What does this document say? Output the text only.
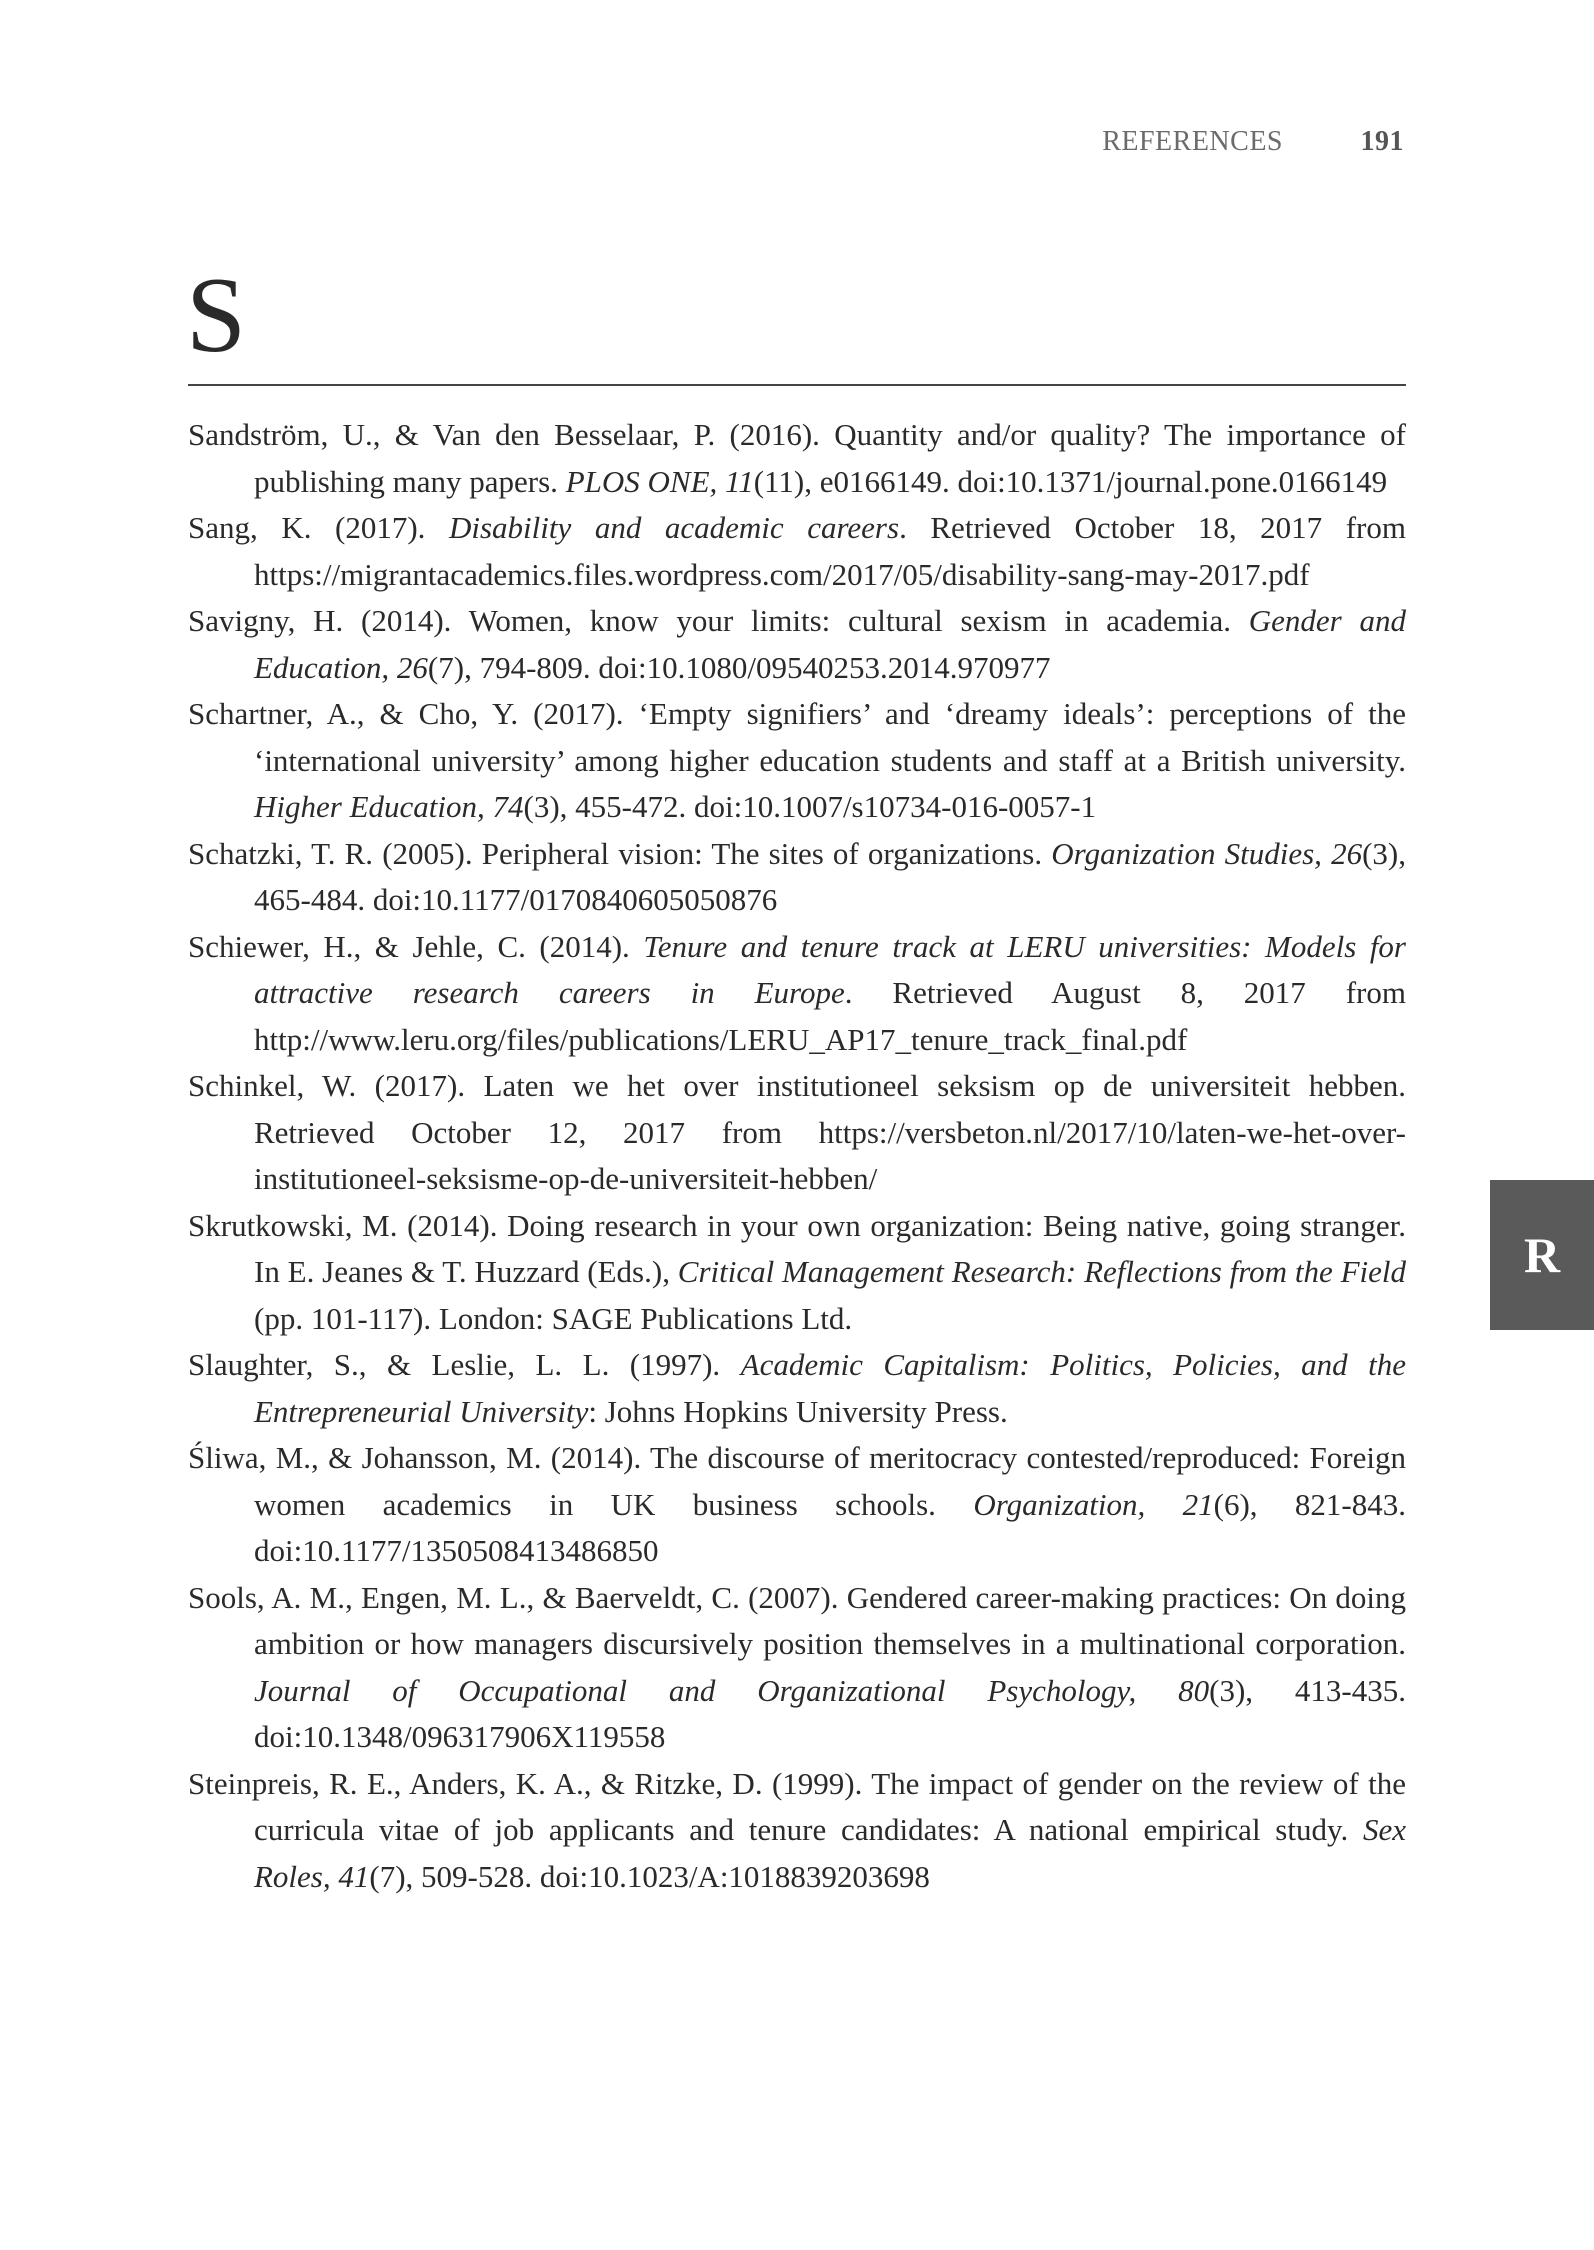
REFERENCES	191
S
Sandström, U., & Van den Besselaar, P. (2016). Quantity and/or quality? The importance of publishing many papers. PLOS ONE, 11(11), e0166149. doi:10.1371/journal.pone.0166149
Sang, K. (2017). Disability and academic careers. Retrieved October 18, 2017 from https://migrantacademics.files.wordpress.com/2017/05/disability-sang-may-2017.pdf
Savigny, H. (2014). Women, know your limits: cultural sexism in academia. Gender and Education, 26(7), 794-809. doi:10.1080/09540253.2014.970977
Schartner, A., & Cho, Y. (2017). ‘Empty signifiers’ and ‘dreamy ideals’: perceptions of the ‘international university’ among higher education students and staff at a British university. Higher Education, 74(3), 455-472. doi:10.1007/s10734-016-0057-1
Schatzki, T. R. (2005). Peripheral vision: The sites of organizations. Organization Studies, 26(3), 465-484. doi:10.1177/0170840605050876
Schiewer, H., & Jehle, C. (2014). Tenure and tenure track at LERU universities: Models for attractive research careers in Europe. Retrieved August 8, 2017 from http://www.leru.org/files/publications/LERU_AP17_tenure_track_final.pdf
Schinkel, W. (2017). Laten we het over institutioneel seksism op de universiteit hebben. Retrieved October 12, 2017 from https://versbeton.nl/2017/10/laten-we-het-over-institutioneel-seksisme-op-de-universiteit-hebben/
Skrutkowski, M. (2014). Doing research in your own organization: Being native, going stranger. In E. Jeanes & T. Huzzard (Eds.), Critical Management Research: Reflections from the Field (pp. 101-117). London: SAGE Publications Ltd.
Slaughter, S., & Leslie, L. L. (1997). Academic Capitalism: Politics, Policies, and the Entrepreneurial University: Johns Hopkins University Press.
Śliwa, M., & Johansson, M. (2014). The discourse of meritocracy contested/reproduced: Foreign women academics in UK business schools. Organization, 21(6), 821-843. doi:10.1177/1350508413486850
Sools, A. M., Engen, M. L., & Baerveldt, C. (2007). Gendered career-making practices: On doing ambition or how managers discursively position themselves in a multinational corporation. Journal of Occupational and Organizational Psychology, 80(3), 413-435. doi:10.1348/096317906X119558
Steinpreis, R. E., Anders, K. A., & Ritzke, D. (1999). The impact of gender on the review of the curricula vitae of job applicants and tenure candidates: A national empirical study. Sex Roles, 41(7), 509-528. doi:10.1023/A:1018839203698
R
